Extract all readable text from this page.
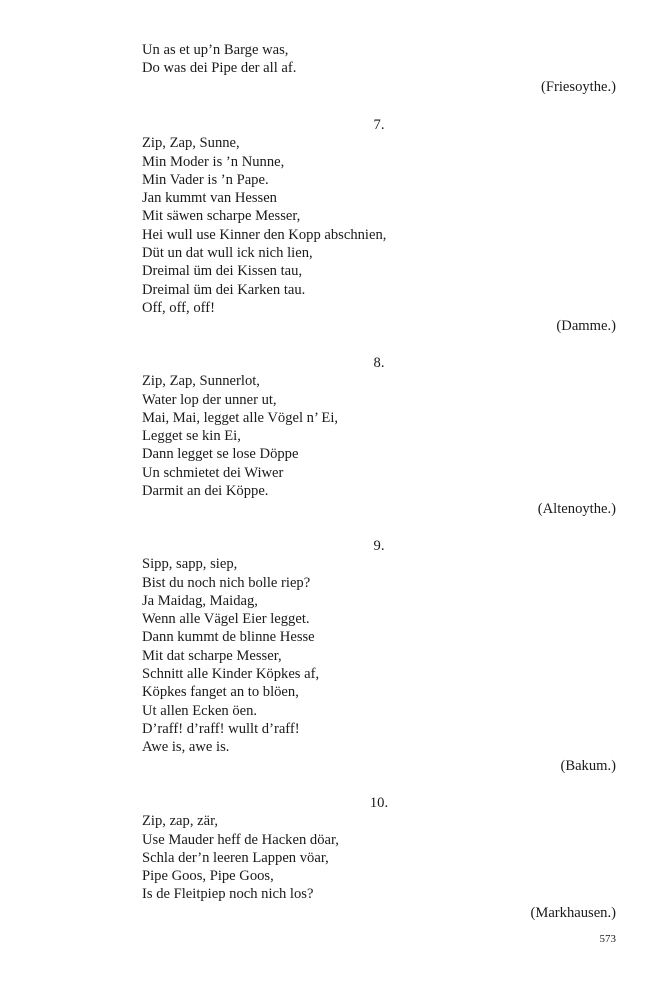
Un as et up’n Barge was,
Do was dei Pipe der all af.
(Friesoythe.)
7.
Zip, Zap, Sunne,
Min Moder is ’n Nunne,
Min Vader is ’n Pape.
Jan kummt van Hessen
Mit säwen scharpe Messer,
Hei wull use Kinner den Kopp abschnien,
Düt un dat wull ick nich lien,
Dreimal üm dei Kissen tau,
Dreimal üm dei Karken tau.
Off, off, off!
(Damme.)
8.
Zip, Zap, Sunnerlot,
Water lop der unner ut,
Mai, Mai, legget alle Vögel n’ Ei,
Legget se kin Ei,
Dann legget se lose Döppe
Un schmietet dei Wiwer
Darmit an dei Köppe.
(Altenoythe.)
9.
Sipp, sapp, siep,
Bist du noch nich bolle riep?
Ja Maidag, Maidag,
Wenn alle Vägel Eier legget.
Dann kummt de blinne Hesse
Mit dat scharpe Messer,
Schnitt alle Kinder Köpkes af,
Köpkes fanget an to blöen,
Ut allen Ecken öen.
D’raff! d’raff! wullt d’raff!
Awe is, awe is.
(Bakum.)
10.
Zip, zap, zär,
Use Mauder heff de Hacken döar,
Schla der’n leeren Lappen vöar,
Pipe Goos, Pipe Goos,
Is de Fleitpiep noch nich los?
(Markhausen.)
573
